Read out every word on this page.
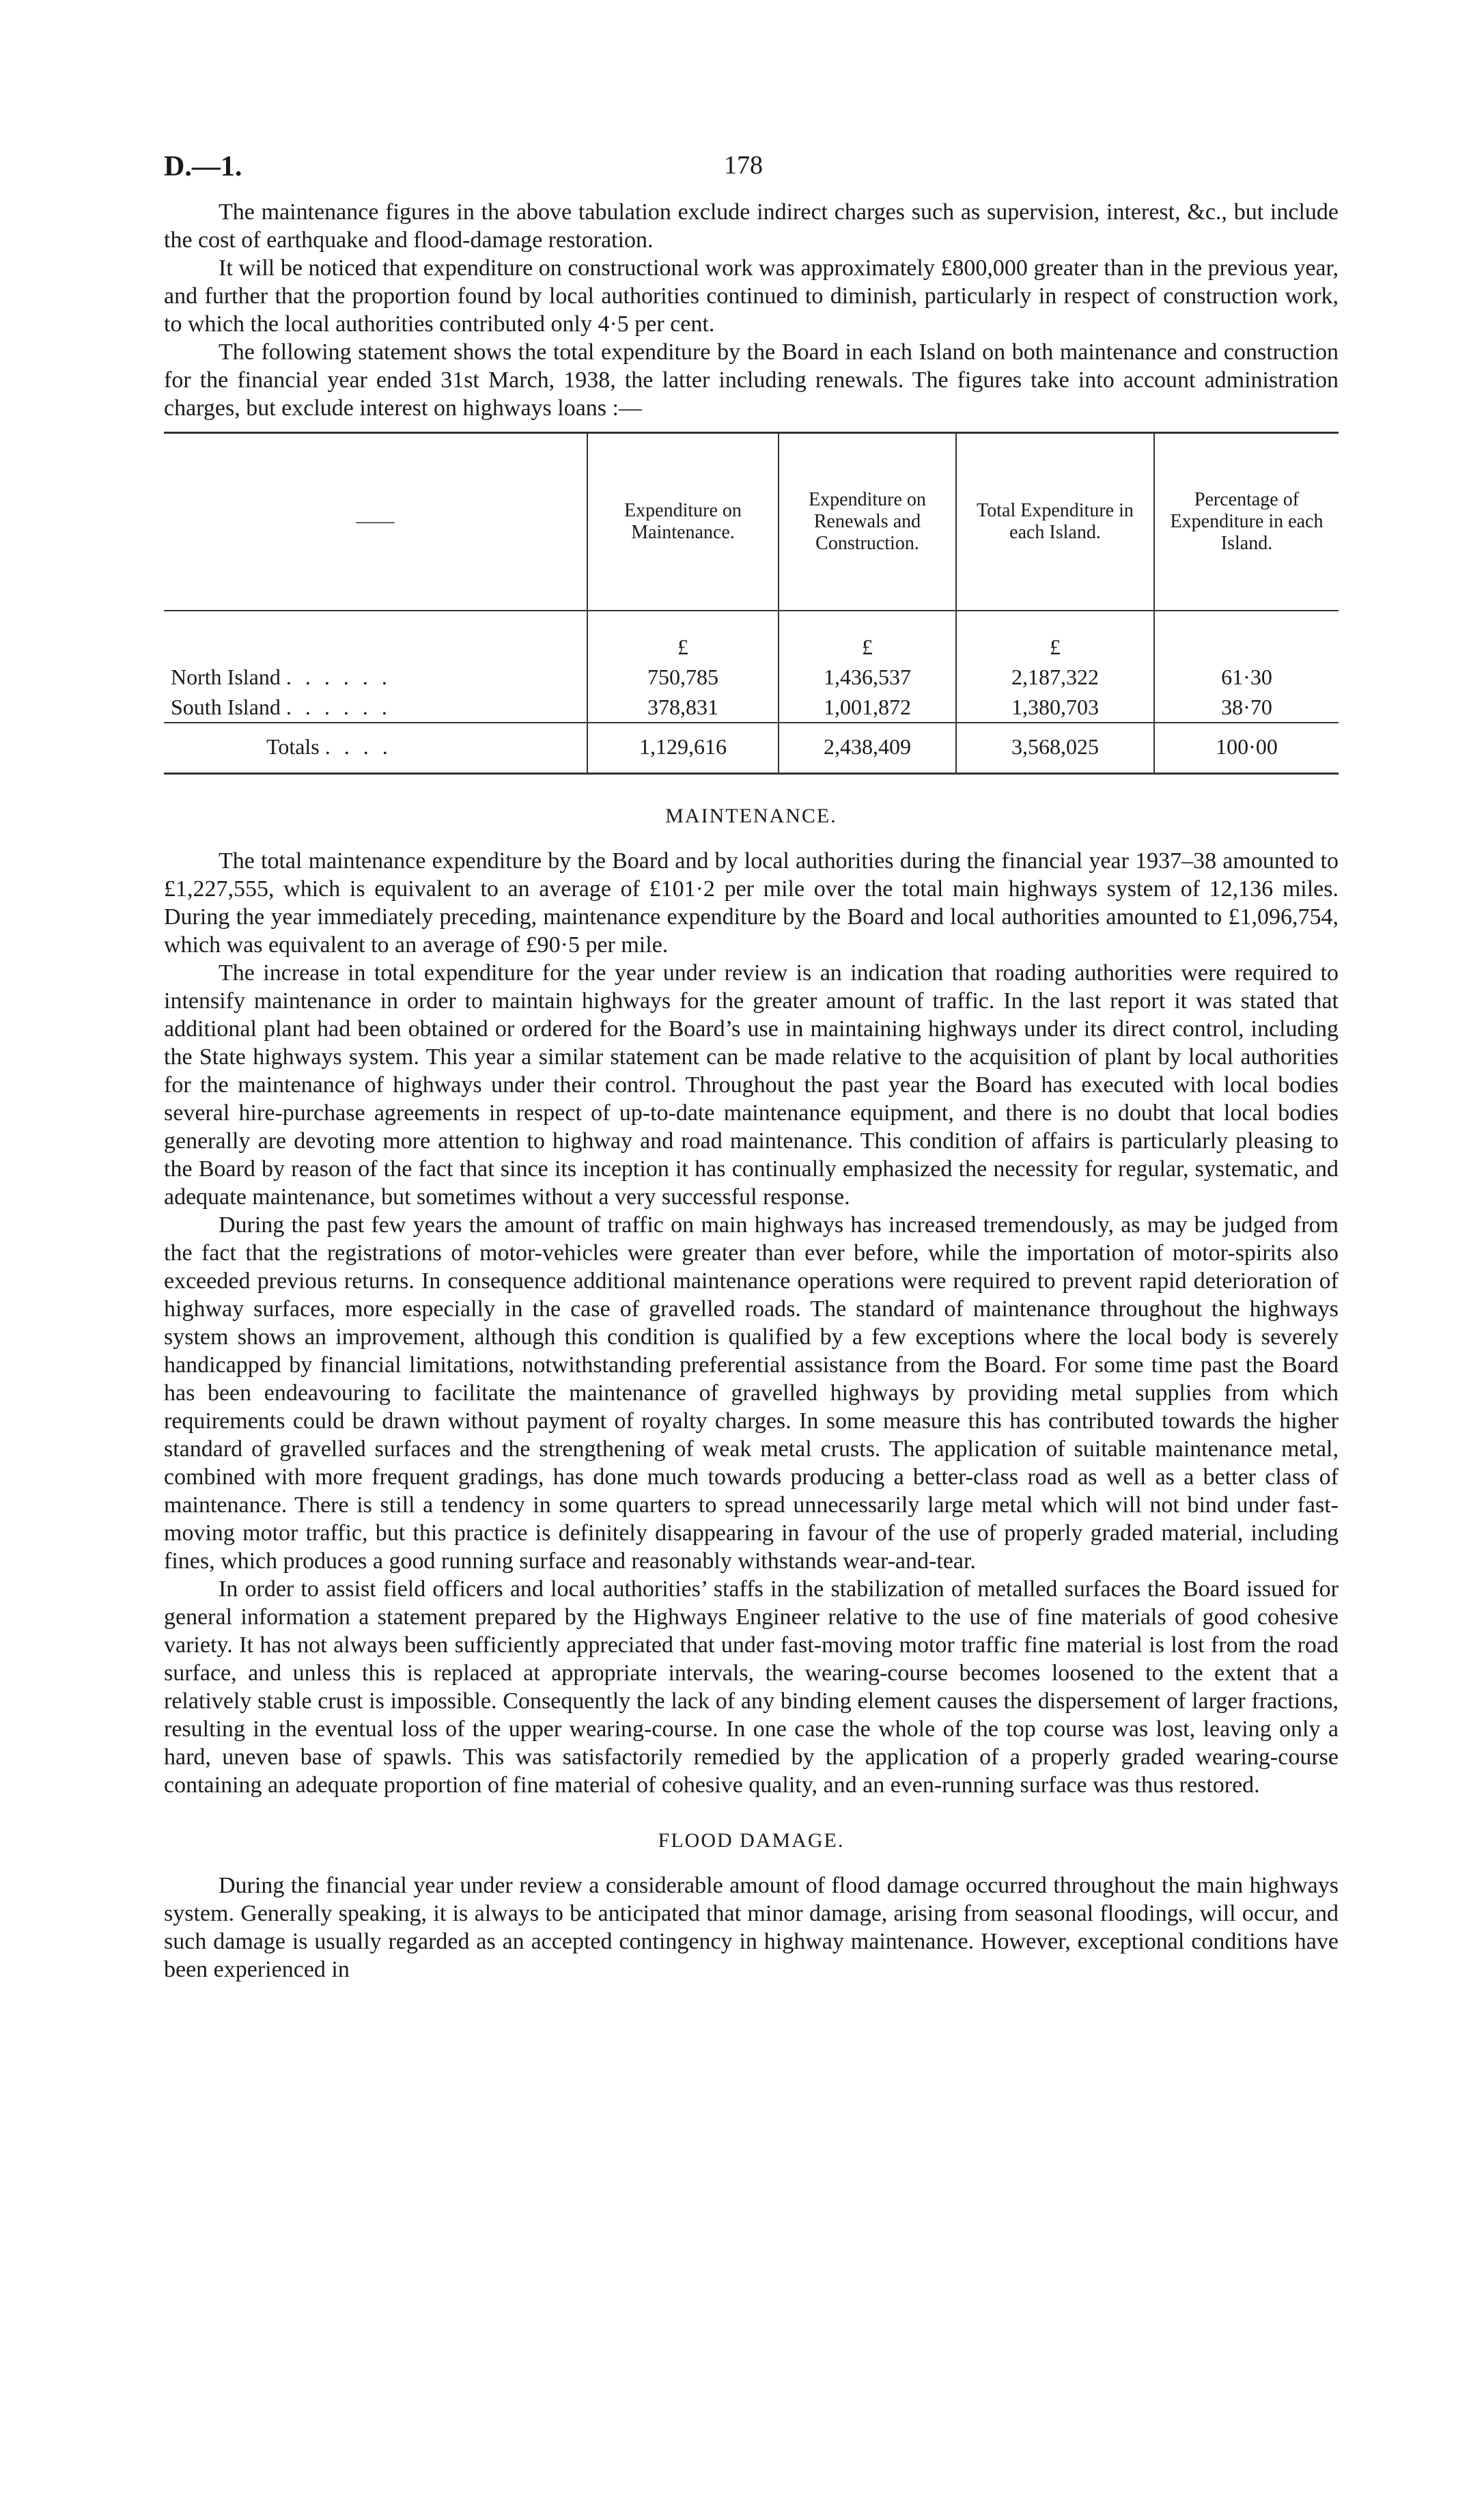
D.—1.	178

The maintenance figures in the above tabulation exclude indirect charges such as supervision, interest, &c., but include the cost of earthquake and flood-damage restoration.

It will be noticed that expenditure on constructional work was approximately £800,000 greater than in the previous year, and further that the proportion found by local authorities continued to diminish, particularly in respect of construction work, to which the local authorities contributed only 4·5 per cent.

The following statement shows the total expenditure by the Board in each Island on both maintenance and construction for the financial year ended 31st March, 1938, the latter including renewals. The figures take into account administration charges, but exclude interest on highways loans :—

——	Expenditure on Maintenance.	Expenditure on Renewals and Construction.	Total Expenditure in each Island.	Percentage of Expenditure in each Island.
	£	£	£	
North Island . . . . . .	750,785	1,436,537	2,187,322	61·30
South Island . . . . . .	378,831	1,001,872	1,380,703	38·70
Totals . . . .	1,129,616	2,438,409	3,568,025	100·00
MAINTENANCE.

The total maintenance expenditure by the Board and by local authorities during the financial year 1937–38 amounted to £1,227,555, which is equivalent to an average of £101·2 per mile over the total main highways system of 12,136 miles. During the year immediately preceding, maintenance expenditure by the Board and local authorities amounted to £1,096,754, which was equivalent to an average of £90·5 per mile.

The increase in total expenditure for the year under review is an indication that roading authorities were required to intensify maintenance in order to maintain highways for the greater amount of traffic. In the last report it was stated that additional plant had been obtained or ordered for the Board’s use in maintaining highways under its direct control, including the State highways system. This year a similar statement can be made relative to the acquisition of plant by local authorities for the maintenance of highways under their control. Throughout the past year the Board has executed with local bodies several hire-purchase agreements in respect of up-to-date maintenance equipment, and there is no doubt that local bodies generally are devoting more attention to highway and road maintenance. This condition of affairs is particularly pleasing to the Board by reason of the fact that since its inception it has continually emphasized the necessity for regular, systematic, and adequate maintenance, but sometimes without a very successful response.

During the past few years the amount of traffic on main highways has increased tremendously, as may be judged from the fact that the registrations of motor-vehicles were greater than ever before, while the importation of motor-spirits also exceeded previous returns. In consequence additional maintenance operations were required to prevent rapid deterioration of highway surfaces, more especially in the case of gravelled roads. The standard of maintenance throughout the highways system shows an improvement, although this condition is qualified by a few exceptions where the local body is severely handicapped by financial limitations, notwithstanding preferential assistance from the Board. For some time past the Board has been endeavouring to facilitate the maintenance of gravelled highways by providing metal supplies from which requirements could be drawn without payment of royalty charges. In some measure this has contributed towards the higher standard of gravelled surfaces and the strengthening of weak metal crusts. The application of suitable maintenance metal, combined with more frequent gradings, has done much towards producing a better-class road as well as a better class of maintenance. There is still a tendency in some quarters to spread unnecessarily large metal which will not bind under fast-moving motor traffic, but this practice is definitely disappearing in favour of the use of properly graded material, including fines, which produces a good running surface and reasonably withstands wear-and-tear.

In order to assist field officers and local authorities’ staffs in the stabilization of metalled surfaces the Board issued for general information a statement prepared by the Highways Engineer relative to the use of fine materials of good cohesive variety. It has not always been sufficiently appreciated that under fast-moving motor traffic fine material is lost from the road surface, and unless this is replaced at appropriate intervals, the wearing-course becomes loosened to the extent that a relatively stable crust is impossible. Consequently the lack of any binding element causes the dispersement of larger fractions, resulting in the eventual loss of the upper wearing-course. In one case the whole of the top course was lost, leaving only a hard, uneven base of spawls. This was satisfactorily remedied by the application of a properly graded wearing-course containing an adequate proportion of fine material of cohesive quality, and an even-running surface was thus restored.

FLOOD DAMAGE.

During the financial year under review a considerable amount of flood damage occurred throughout the main highways system. Generally speaking, it is always to be anticipated that minor damage, arising from seasonal floodings, will occur, and such damage is usually regarded as an accepted contingency in highway maintenance. However, exceptional conditions have been experienced in
